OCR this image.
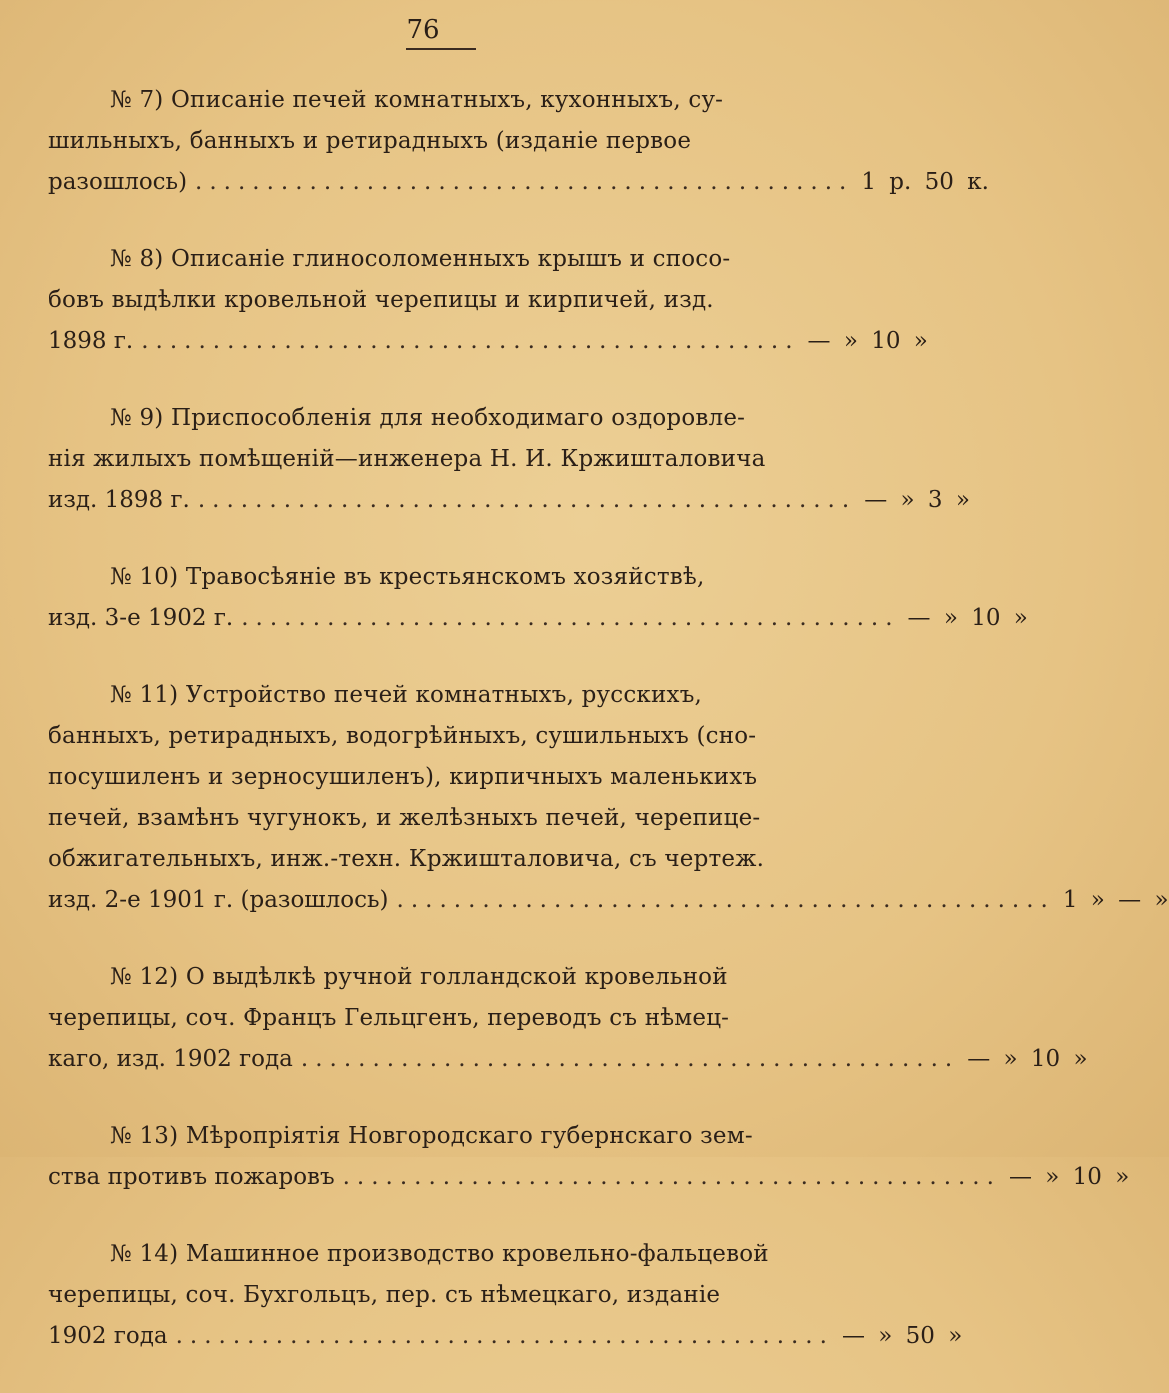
76

№ 7) Описаніе печей комнатныхъ, кухонныхъ, су-

шильныхъ, банныхъ и ретирадныхъ (изданіе первое

разошлось) .............................................. 1 р. 50 к.

№ 8) Описаніе глиносоломенныхъ крышъ и спосо-

бовъ выдѣлки кровельной черепицы и кирпичей, изд.

1898 г. .............................................. — » 10 »

№ 9) Приспособленія для необходимаго оздоровле-

нія жилыхъ помѣщеній—инженера Н. И. Кржишталовича

изд. 1898 г. .............................................. — » 3 »

№ 10) Травосѣяніе въ крестьянскомъ хозяйствѣ,

изд. 3-е 1902 г. .............................................. — » 10 »

№ 11) Устройство печей комнатныхъ, русскихъ,

банныхъ, ретирадныхъ, водогрѣйныхъ, сушильныхъ (сно-

посушиленъ и зерносушиленъ), кирпичныхъ маленькихъ

печей, взамѣнъ чугунокъ, и желѣзныхъ печей, черепице-

обжигательныхъ, инж.-техн. Кржишталовича, съ чертеж.

изд. 2-е 1901 г. (разошлось) .............................................. 1 » — »

№ 12) О выдѣлкѣ ручной голландской кровельной

черепицы, соч. Францъ Гельцгенъ, переводъ съ нѣмец-

каго, изд. 1902 года .............................................. — » 10 »

№ 13) Мѣропріятія Новгородскаго губернскаго зем-

ства противъ пожаровъ .............................................. — » 10 »

№ 14) Машинное производство кровельно-фальцевой

черепицы, соч. Бухгольцъ, пер. съ нѣмецкаго, изданіе

1902 года .............................................. — » 50 »
